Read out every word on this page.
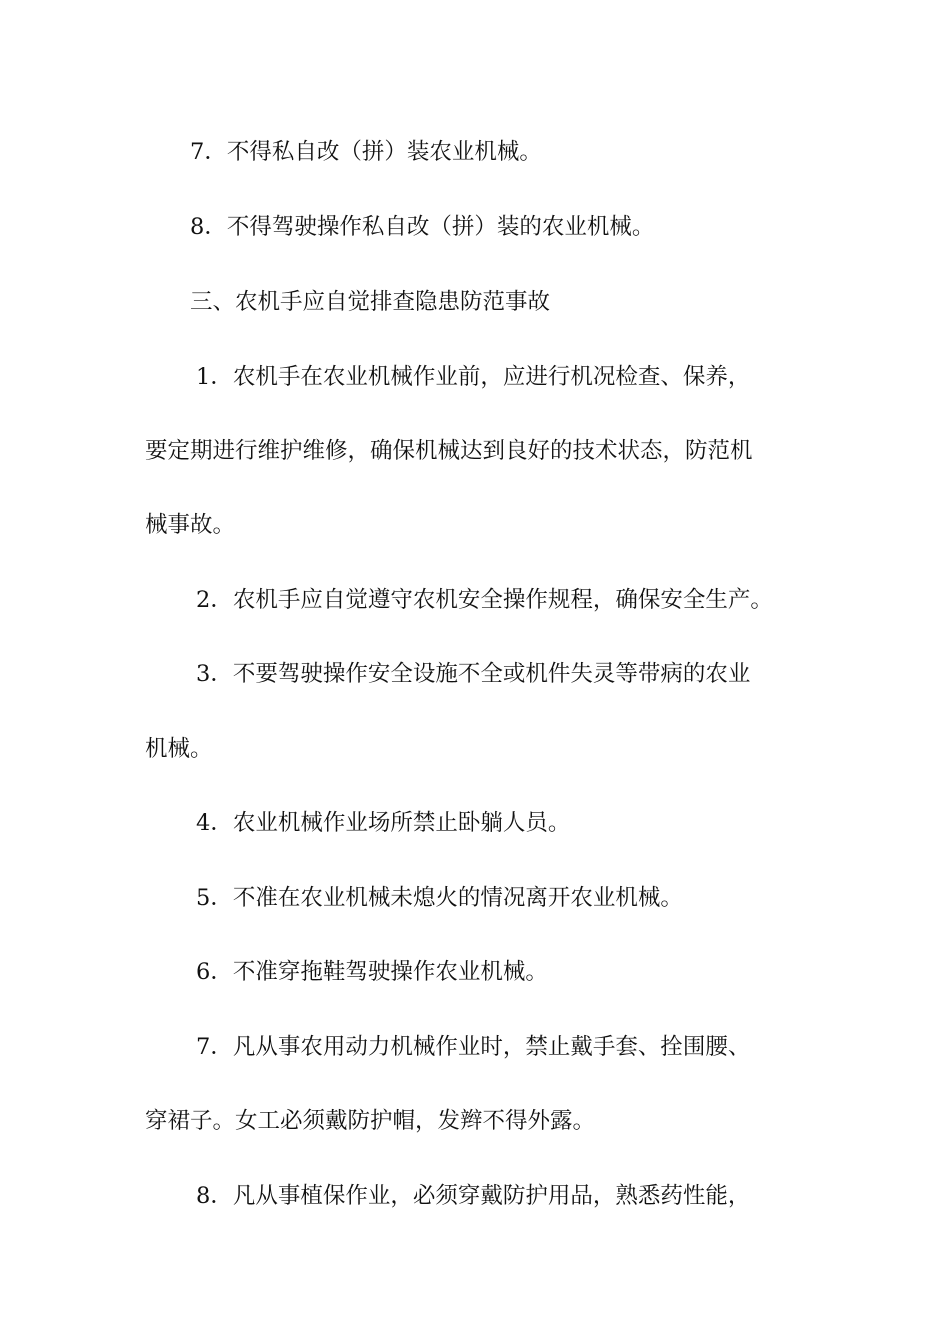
7．不得私自改（拼）装农业机械。
8．不得驾驶操作私自改（拼）装的农业机械。
三、农机手应自觉排查隐患防范事故
1．农机手在农业机械作业前，应进行机况检查、保养，
要定期进行维护维修，确保机械达到良好的技术状态，防范机
械事故。
2．农机手应自觉遵守农机安全操作规程，确保安全生产。
3．不要驾驶操作安全设施不全或机件失灵等带病的农业
机械。
4．农业机械作业场所禁止卧躺人员。
5．不准在农业机械未熄火的情况离开农业机械。
6．不准穿拖鞋驾驶操作农业机械。
7．凡从事农用动力机械作业时，禁止戴手套、拴围腰、
穿裙子。女工必须戴防护帽，发辫不得外露。
8．凡从事植保作业，必须穿戴防护用品，熟悉药性能，
